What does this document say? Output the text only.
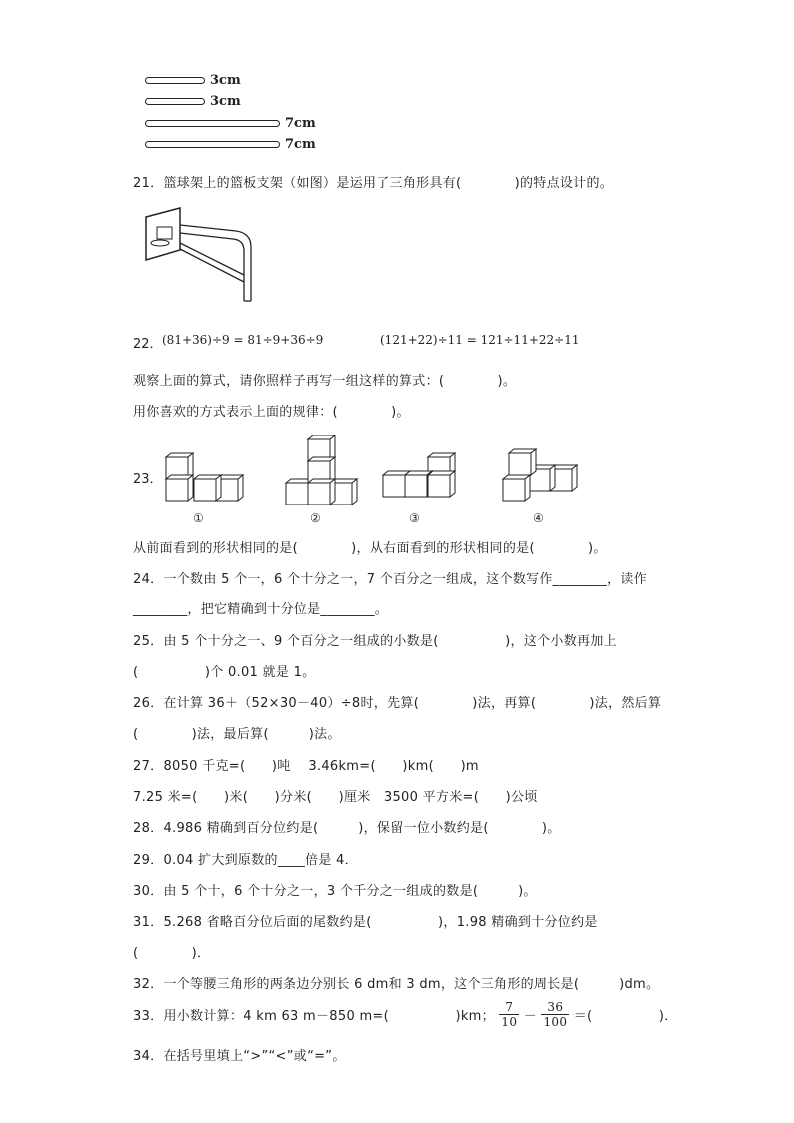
3cm
3cm
7cm
7cm
21．篮球架上的篮板支架（如图）是运用了三角形具有(　　　　)的特点设计的。
22． (81+36)÷9 = 81÷9+36÷9	(121+22)÷11 = 121÷11+22÷11
观察上面的算式，请你照样子再写一组这样的算式：(　　　　)。
用你喜欢的方式表示上面的规律：(　　　　)。
23．
①	②	③	④
从前面看到的形状相同的是(　　　　)，从右面看到的形状相同的是(　　　　)。
24．一个数由 5 个一，6 个十分之一，7 个百分之一组成，这个数写作________，读作
________，把它精确到十分位是________。
25．由 5 个十分之一、9 个百分之一组成的小数是(　　　　　)，这个小数再加上
(　　　　　)个 0.01 就是 1。
26．在计算 36＋（52×30－40）÷8时，先算(　　　　)法，再算(　　　　)法，然后算
(　　　　)法，最后算(　　　)法。
27．8050 千克=(　　)吨　 3.46km=(　　)km(　　)m
7.25 米=(　　)米(　　)分米(　　)厘米　3500 平方米=(　　)公顷
28．4.986 精确到百分位约是(　　　)，保留一位小数约是(　　　　)。
29．0.04 扩大到原数的____倍是 4．
30．由 5 个十，6 个十分之一，3 个千分之一组成的数是(　　　)。
31．5.268 省略百分位后面的尾数约是(　　　　　)，1.98 精确到十分位约是
(　　　　)．
32．一个等腰三角形的两条边分别长 6 dm和 3 dm，这个三角形的周长是(　　　)dm。
33．用小数计算：4 km 63 m－850 m=(　　　　　)km； $\frac{7}{10} - \frac{36}{100}$ ＝(　　　　　)．
34．在括号里填上“>”“<”或“=”。
